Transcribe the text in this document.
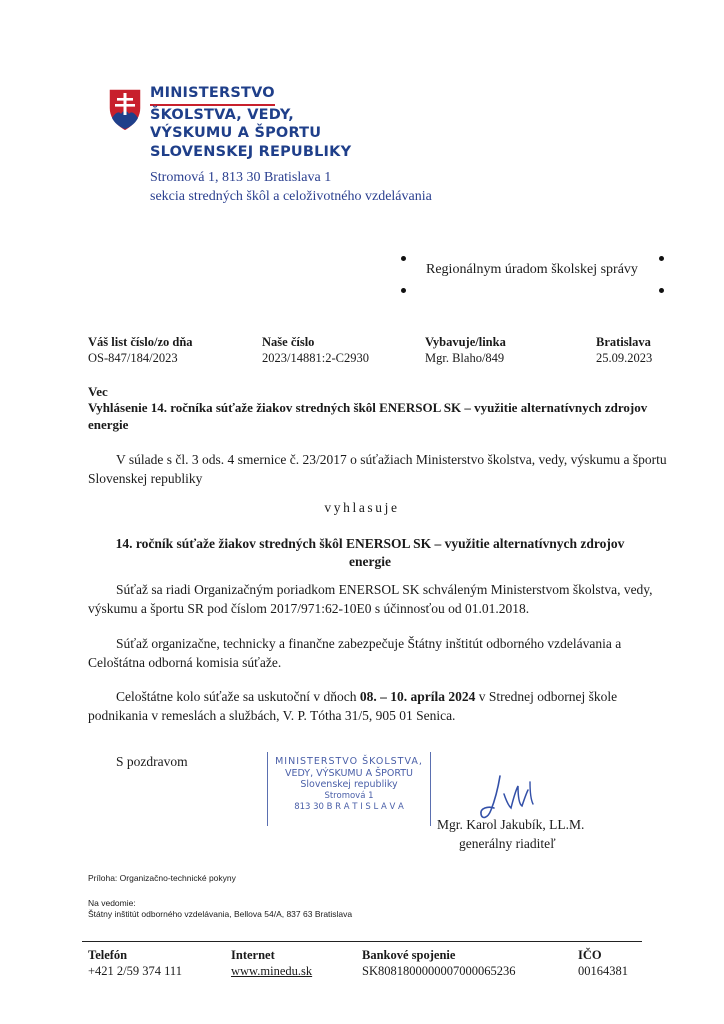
MINISTERSTVO
ŠKOLSTVA, VEDY,
VÝSKUMU A ŠPORTU
SLOVENSKEJ REPUBLIKY
Stromová 1, 813 30 Bratislava 1
sekcia stredných škôl a celoživotného vzdelávania
Regionálnym úradom školskej správy
Váš list číslo/zo dňa
OS-847/184/2023
Naše číslo
2023/14881:2-C2930
Vybavuje/linka
Mgr. Blaho/849
Bratislava
25.09.2023
Vec
Vyhlásenie 14. ročníka súťaže žiakov stredných škôl ENERSOL SK – využitie alternatívnych zdrojov energie
V súlade s čl. 3 ods. 4 smernice č. 23/2017 o súťažiach Ministerstvo školstva, vedy, výskumu a športu Slovenskej republiky
vyhlasuje
14. ročník súťaže žiakov stredných škôl ENERSOL SK – využitie alternatívnych zdrojov energie
Súťaž sa riadi Organizačným poriadkom ENERSOL SK schváleným Ministerstvom školstva, vedy, výskumu a športu SR pod číslom 2017/971:62-10E0 s účinnosťou od 01.01.2018.
Súťaž organizačne, technicky a finančne zabezpečuje Štátny inštitút odborného vzdelávania a Celoštátna odborná komisia súťaže.
Celoštátne kolo súťaže sa uskutoční v dňoch 08. – 10. apríla 2024 v Strednej odbornej škole podnikania v remeslách a službách, V. P. Tótha 31/5, 905 01 Senica.
S pozdravom	MINISTERSTVO ŠKOLSTVA,
VEDY, VÝSKUMU A ŠPORTU
Slovenskej republiky
Stromová 1
813 30 B R A T I S L A V A
Mgr. Karol Jakubík, LL.M.
generálny riaditeľ
Príloha: Organizačno-technické pokyny
Na vedomie:
Štátny inštitút odborného vzdelávania, Bellova 54/A, 837 63 Bratislava
Telefón
+421 2/59 374 111
Internet
www.minedu.sk
Bankové spojenie
SK8081800000007000065236
IČO
00164381
